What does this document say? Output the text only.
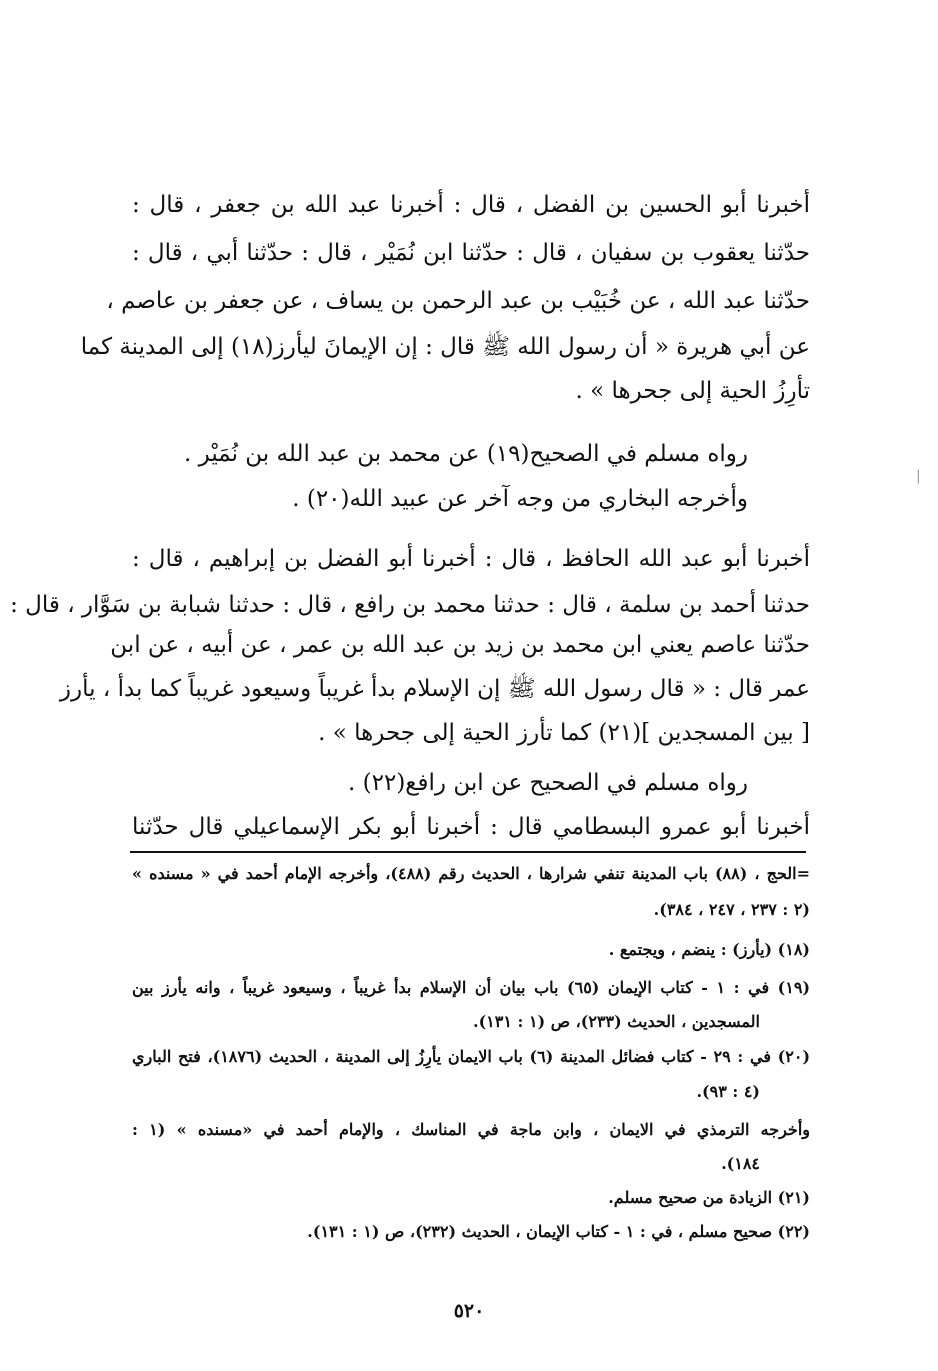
أخبرنا أبو الحسين بن الفضل ، قال : أخبرنا عبد الله بن جعفر ، قال :
حدّثنا يعقوب بن سفيان ، قال : حدّثنا ابن نُمَيْر ، قال : حدّثنا أبي ، قال :
حدّثنا عبد الله ، عن خُبَيْب بن عبد الرحمن بن يساف ، عن جعفر بن عاصم ،
عن أبي هريرة « أن رسول الله ﷺ قال : إن الإيمانَ ليأرز(١٨) إلى المدينة كما
تأرِزُ الحية إلى جحرها » .
رواه مسلم في الصحيح(١٩) عن محمد بن عبد الله بن نُمَيْر .
وأخرجه البخاري من وجه آخر عن عبيد الله(٢٠) .
أخبرنا أبو عبد الله الحافظ ، قال : أخبرنا أبو الفضل بن إبراهيم ، قال :
حدثنا أحمد بن سلمة ، قال : حدثنا محمد بن رافع ، قال : حدثنا شبابة بن سَوَّار ، قال :
حدّثنا عاصم يعني ابن محمد بن زيد بن عبد الله بن عمر ، عن أبيه ، عن ابن
عمر قال : « قال رسول الله ﷺ إن الإسلام بدأ غريباً وسيعود غريباً كما بدأ ، يأرز
[ بين المسجدين ](٢١) كما تأرز الحية إلى جحرها » .
رواه مسلم في الصحيح عن ابن رافع(٢٢) .
أخبرنا أبو عمرو البسطامي قال : أخبرنا أبو بكر الإسماعيلي قال حدّثنا
=الحج ، (٨٨) باب المدينة تنفي شرارها ، الحديث رقم (٤٨٨)، وأخرجه الإمام أحمد في « مسنده »
(٢ : ٢٣٧ ، ٢٤٧ ، ٣٨٤).
(١٨) (يأرز) : ينضم ، ويجتمع .
(١٩) في : ١ - كتاب الإيمان (٦٥) باب بيان أن الإسلام بدأ غريباً ، وسيعود غريباً ، وانه يأرز بين
المسجدين ، الحديث (٢٣٣)، ص (١ : ١٣١).
(٢٠) في : ٢٩ - كتاب فضائل المدينة (٦) باب الايمان يأرِزُ إلى المدينة ، الحديث (١٨٧٦)، فتح الباري
(٤ : ٩٣).
وأخرجه الترمذي في الايمان ، وابن ماجة في المناسك ، والإمام أحمد في «مسنده » (١ :
١٨٤).
(٢١) الزيادة من صحيح مسلم.
(٢٢) صحيح مسلم ، في : ١ - كتاب الإيمان ، الحديث (٢٣٢)، ص (١ : ١٣١).
٥٢٠
|
